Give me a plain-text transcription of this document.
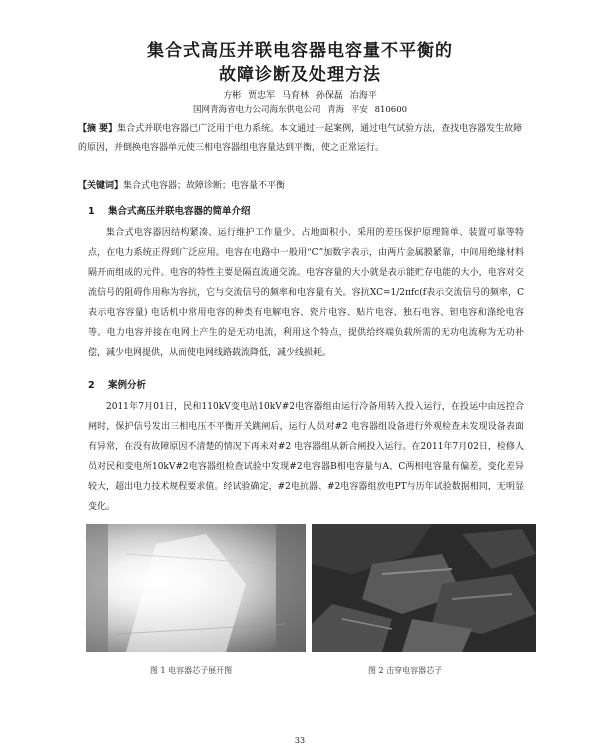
集合式高压并联电容器电容量不平衡的
故障诊断及处理方法
方彬 贾忠军 马育林 孙保磊 冶海平
国网青海省电力公司海东供电公司 青海 平安 810600
【摘 要】集合式并联电容器已广泛用于电力系统。本文通过一起案例，通过电气试验方法，查找电容器发生故障的原因，并倒换电容器单元使三相电容器组电容量达到平衡，使之正常运行。
【关键词】集合式电容器；故障诊断；电容量不平衡
1 集合式高压并联电容器的简单介绍
集合式电容器因结构紧凑、运行维护工作量少、占地面积小、采用的差压保护原理简单、装置可靠等特点，在电力系统正得到广泛应用。电容在电路中一般用“C”加数字表示，由两片金属膜紧靠，中间用绝缘材料隔开而组成的元件。电容的特性主要是隔直流通交流。电容容量的大小就是表示能贮存电能的大小，电容对交流信号的阻碍作用称为容抗，它与交流信号的频率和电容量有关。容抗XC=1/2πfc(f表示交流信号的频率，C表示电容容量) 电话机中常用电容的种类有电解电容、瓷片电容、贴片电容、独石电容、钽电容和涤纶电容等。电力电容并接在电网上产生的是无功电流，利用这个特点，提供给终端负载所需的无功电流称为无功补偿，减少电网提供，从而使电网线路载流降低，减少线损耗。
2 案例分析
2011年7月01日，民和110kV变电站10kV#2电容器组由运行冷备用转入投入运行，在投运中由远控合闸时，保护信号发出三相电压不平衡开关跳闸后，运行人员对#2 电容器组设备进行外观检查未发现设备表面有异常，在没有故障原因不清楚的情况下再未对#2 电容器组从新合闸投入运行。在2011年7月02日，检修人员对民和变电所10kV#2电容器组检查试验中发现#2电容器B相电容量与A、C两相电容量有偏差，变化差异较大，超出电力技术规程要求值。经试验确定，#2电抗器、#2电容器组放电PT与历年试验数据相同，无明显变化。
图 1 电容器芯子展开图	图 2 击穿电容器芯子
33
